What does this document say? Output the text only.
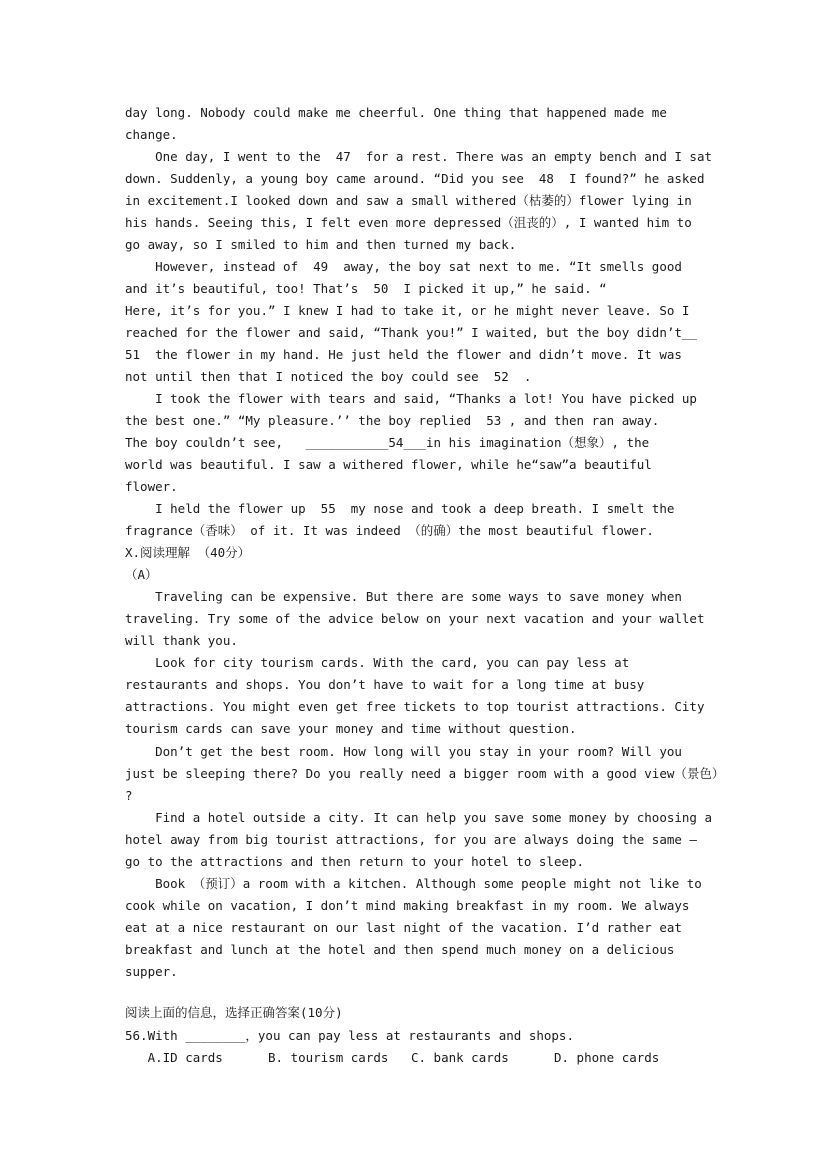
day long. Nobody could make me cheerful. One thing that happened made me
change.
One day, I went to the  47  for a rest. There was an empty bench and I sat
down. Suddenly, a young boy came around. “Did you see  48  I found?” he asked
in excitement.I looked down and saw a small withered（枯萎的）flower lying in
his hands. Seeing this, I felt even more depressed（沮丧的）, I wanted him to
go away, so I smiled to him and then turned my back.
However, instead of  49  away, the boy sat next to me. “It smells good
and it’s beautiful, too! That’s  50  I picked it up,” he said. “
Here, it’s for you.” I knew I had to take it, or he might never leave. So I
reached for the flower and said, “Thank you!” I waited, but the boy didn’t__
51  the flower in my hand. He just held the flower and didn’t move. It was
not until then that I noticed the boy could see  52  .
I took the flower with tears and said, “Thanks a lot! You have picked up
the best one.” “My pleasure.’’ the boy replied  53 , and then ran away.
The boy couldn’t see,   ___________54___in his imagination（想象）, the
world was beautiful. I saw a withered flower, while he“saw”a beautiful
flower.
I held the flower up  55  my nose and took a deep breath. I smelt the
fragrance（香味） of it. It was indeed （的确）the most beautiful flower.
X.阅读理解 （40分）
（A）
Traveling can be expensive. But there are some ways to save money when
traveling. Try some of the advice below on your next vacation and your wallet
will thank you.
Look for city tourism cards. With the card, you can pay less at
restaurants and shops. You don’t have to wait for a long time at busy
attractions. You might even get free tickets to top tourist attractions. City
tourism cards can save your money and time without question.
Don’t get the best room. How long will you stay in your room? Will you
just be sleeping there? Do you really need a bigger room with a good view（景色）
?
Find a hotel outside a city. It can help you save some money by choosing a
hotel away from big tourist attractions, for you are always doing the same —
go to the attractions and then return to your hotel to sleep.
Book （预订）a room with a kitchen. Although some people might not like to
cook while on vacation, I don’t mind making breakfast in my room. We always
eat at a nice restaurant on our last night of the vacation. I’d rather eat
breakfast and lunch at the hotel and then spend much money on a delicious
supper.
阅读上面的信息，选择正确答案(10分)
56.With ________，you can pay less at restaurants and shops.
A.ID cards      B. tourism cards   C. bank cards      D. phone cards
